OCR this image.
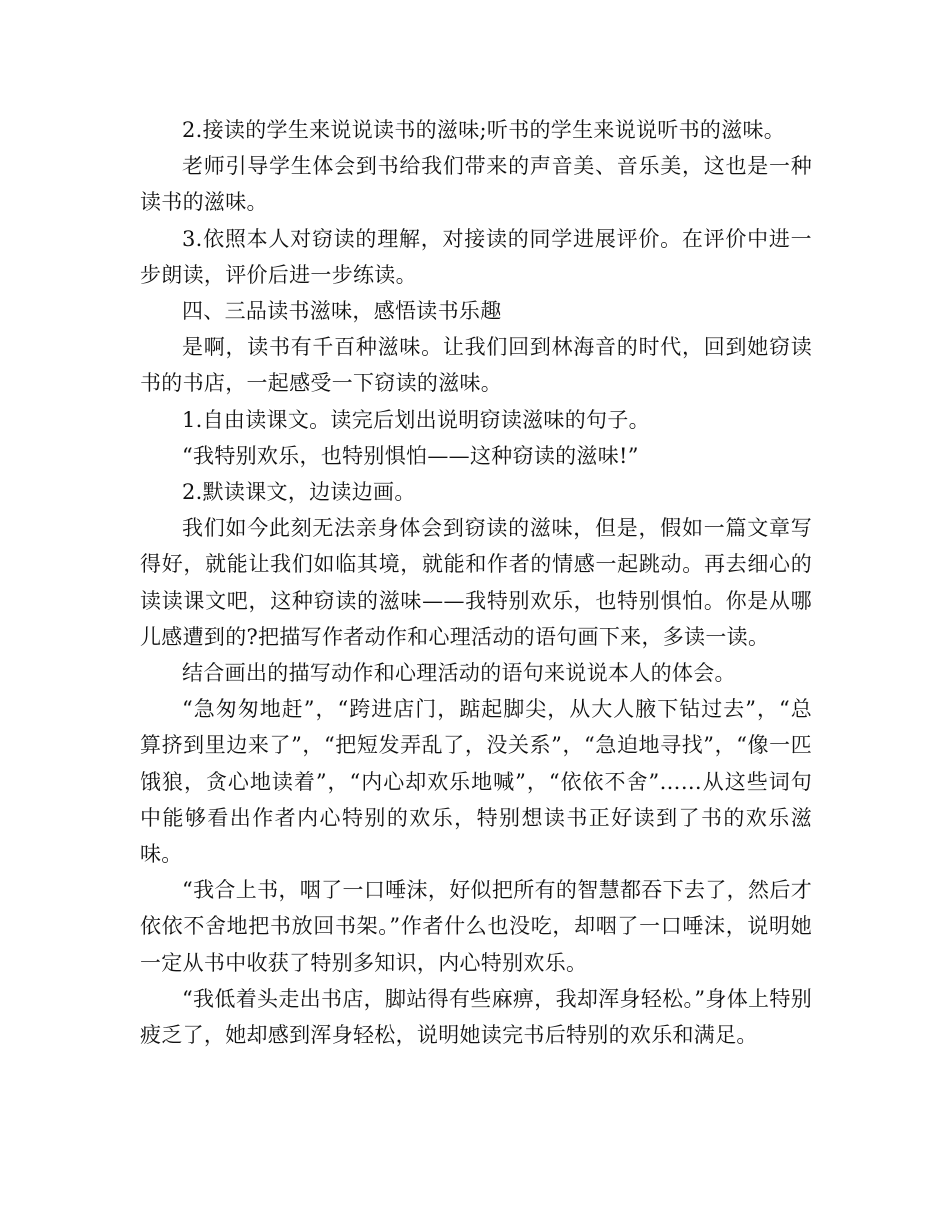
2.接读的学生来说说读书的滋味;听书的学生来说说听书的滋味。

老师引导学生体会到书给我们带来的声音美、音乐美，这也是一种读书的滋味。

3.依照本人对窃读的理解，对接读的同学进展评价。在评价中进一步朗读，评价后进一步练读。

四、三品读书滋味，感悟读书乐趣

是啊，读书有千百种滋味。让我们回到林海音的时代，回到她窃读书的书店，一起感受一下窃读的滋味。

1.自由读课文。读完后划出说明窃读滋味的句子。

“我特别欢乐，也特别惧怕——这种窃读的滋味!”

2.默读课文，边读边画。

我们如今此刻无法亲身体会到窃读的滋味，但是，假如一篇文章写得好，就能让我们如临其境，就能和作者的情感一起跳动。再去细心的读读课文吧，这种窃读的滋味——我特别欢乐，也特别惧怕。你是从哪儿感遭到的?把描写作者动作和心理活动的语句画下来，多读一读。

结合画出的描写动作和心理活动的语句来说说本人的体会。

“急匆匆地赶”，“跨进店门，踮起脚尖，从大人腋下钻过去”，“总算挤到里边来了”，“把短发弄乱了，没关系”，“急迫地寻找”，“像一匹饿狼，贪心地读着”，“内心却欢乐地喊”，“依依不舍”……从这些词句中能够看出作者内心特别的欢乐，特别想读书正好读到了书的欢乐滋味。

“我合上书，咽了一口唾沫，好似把所有的智慧都吞下去了，然后才依依不舍地把书放回书架。”作者什么也没吃，却咽了一口唾沫，说明她一定从书中收获了特别多知识，内心特别欢乐。

“我低着头走出书店，脚站得有些麻痹，我却浑身轻松。”身体上特别疲乏了，她却感到浑身轻松，说明她读完书后特别的欢乐和满足。
